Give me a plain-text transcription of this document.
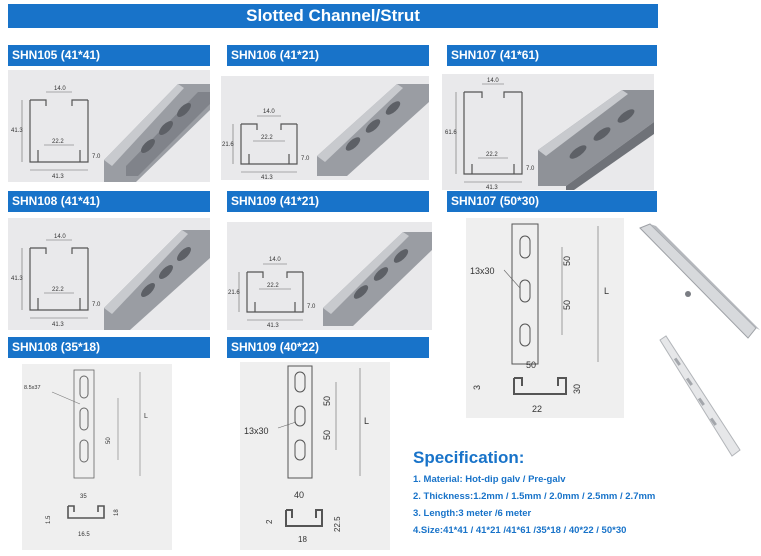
Slotted Channel/Strut
SHN105 (41*41)
14.0
41.3
22.2
7.0
41.3
SHN106 (41*21)
14.0
21.6
22.2
7.0
41.3
SHN107 (41*61)
14.0
61.6
22.2
7.0
41.3
SHN108 (41*41)
14.0
41.3
22.2
7.0
41.3
SHN109 (41*21)
14.0
21.6
22.2
7.0
41.3
SHN107 (50*30)
13x30
50
50
L
50
30
3
22
SHN108 (35*18)
8.5x37
L
50
35
18
1.5
16.5
SHN109 (40*22)
13x30
50
50
L
40
22.5
2
18
Specification:
1. Material: Hot-dip galv / Pre-galv
2. Thickness:1.2mm / 1.5mm / 2.0mm / 2.5mm / 2.7mm
3. Length:3 meter /6 meter
4.Size:41*41 / 41*21 /41*61 /35*18 / 40*22 / 50*30
